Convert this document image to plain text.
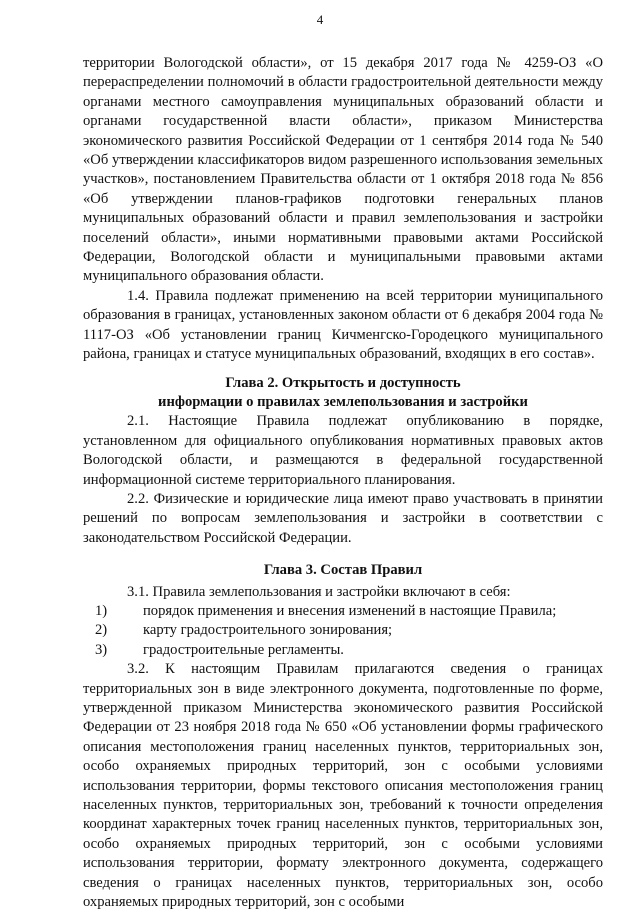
4

территории Вологодской области», от 15 декабря 2017 года № 4259-ОЗ «О перераспределении полномочий в области градостроительной деятельности между органами местного самоуправления муниципальных образований области и органами государственной власти области», приказом Министерства экономического развития Российской Федерации от 1 сентября 2014 года № 540 «Об утверждении классификаторов видом разрешенного использования земельных участков», постановлением Правительства области от 1 октября 2018 года № 856 «Об утверждении планов-графиков подготовки генеральных планов муниципальных образований области и правил землепользования и застройки поселений области», иными нормативными правовыми актами Российской Федерации, Вологодской области и муниципальными правовыми актами муниципального образования области.

1.4. Правила подлежат применению на всей территории муниципального образования в границах, установленных законом области от 6 декабря 2004 года № 1117-ОЗ «Об установлении границ Кичменгско-Городецкого муниципального района, границах и статусе муниципальных образований, входящих в его состав».

Глава 2. Открытость и доступность

информации о правилах землепользования и застройки

2.1. Настоящие Правила подлежат опубликованию в порядке, установленном для официального опубликования нормативных правовых актов Вологодской области, и размещаются в федеральной государственной информационной системе территориального планирования.

2.2. Физические и юридические лица имеют право участвовать в принятии решений по вопросам землепользования и застройки в соответствии с законодательством Российской Федерации.

Глава 3. Состав Правил

3.1. Правила землепользования и застройки включают в себя:

1)	порядок применения и внесения изменений в настоящие Правила;
2)	карту градостроительного зонирования;
3)	градостроительные регламенты.

3.2. К настоящим Правилам прилагаются сведения о границах территориальных зон в виде электронного документа, подготовленные по форме, утвержденной приказом Министерства экономического развития Российской Федерации от 23 ноября 2018 года № 650 «Об установлении формы графического описания местоположения границ населенных пунктов, территориальных зон, особо охраняемых природных территорий, зон с особыми условиями использования территории, формы текстового описания местоположения границ населенных пунктов, территориальных зон, требований к точности определения координат характерных точек границ населенных пунктов, территориальных зон, особо охраняемых природных территорий, зон с особыми условиями использования территории, формату электронного документа, содержащего сведения о границах населенных пунктов, территориальных зон, особо охраняемых природных территорий, зон с особыми
